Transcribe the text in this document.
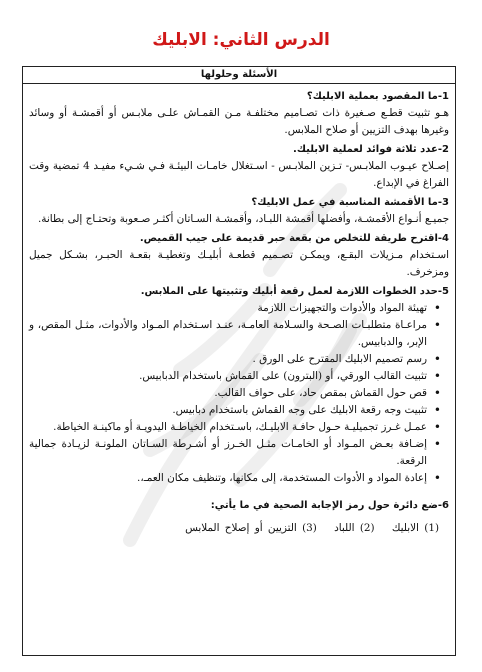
الدرس الثاني: الابليك
الأسئلة وحلولها

1-ما المقصود بعملية الابليك؟

هـو تثبيت قطـع صـغيرة ذات تصـاميم مختلفـة مـن القمـاش علـى ملابـس أو أقمشـة أو وسائد وغيرها بهدف التزيين أو صلاح الملابس.

2-عدد ثلاثة فوائد لعملية الابليك.

إصـلاح عيـوب الملابـس- تـزين الملابـس - اسـتغلال خامـات البيئـة فـي شـيء مفيـد 4 تمضية وقت الفراغ في الإبداع.

3-ما الأقمشة المناسبة في عمل الابليك؟

جميـع أنـواع الأقمشـة، وأفضلها أقمشة اللبـاد، وأقمشـة السـاتان أكثـر صـعوبة وتحتـاج إلى بطانة.

4-اقترح طريقة للتخلص من بقعة حبر قديمة على جيب القميص.

اسـتخدام مـزيلات البقـع، ويمكـن تصـميم قطعـة أبليـك وتغطيـة بقعـة الحبـر، بشـكل جميل ومزخرف.

5-حدد الخطوات اللازمة لعمل رقعة أبليك وتثبيتها على الملابس.

• تهيئة المواد والأدوات والتجهيزات اللازمة
• مراعـاة متطلبـات الصـحة والسـلامة العامـة، عنـد اسـتخدام المـواد والأدوات، مثـل المقص، و الإبر، والدبابيس.
• رسم تصميم الابليك المقترح على الورق .
• تثبيت القالب الورقي، أو (البترون) على القماش باستخدام الدبابيس.
• قص حول القماش بمقص حاد، على حواف القالب.
• تثبيت وجه رقعة الابليك على وجه القماش باستخدام دبابيس.
• عمـل غـرز تجميليـة حـول حافـة الابليـك، باسـتخدام الخياطـة اليدويـة أو ماكينـة الخياطة.
• إضـافة بعـض المـواد أو الخامـات مثـل الخـرز أو أشـرطة السـاتان الملونـة لزيـادة جمالية الرقعة.
• إعادة المواد و الأدوات المستخدمة، إلى مكانها، وتنظيف مكان العمـ،.

6-ضع دائرة حول رمز الإجابة الصحية في ما يأتي:

(1) الابليك (2) اللباد (3) التزيين أو إصلاح الملابس
